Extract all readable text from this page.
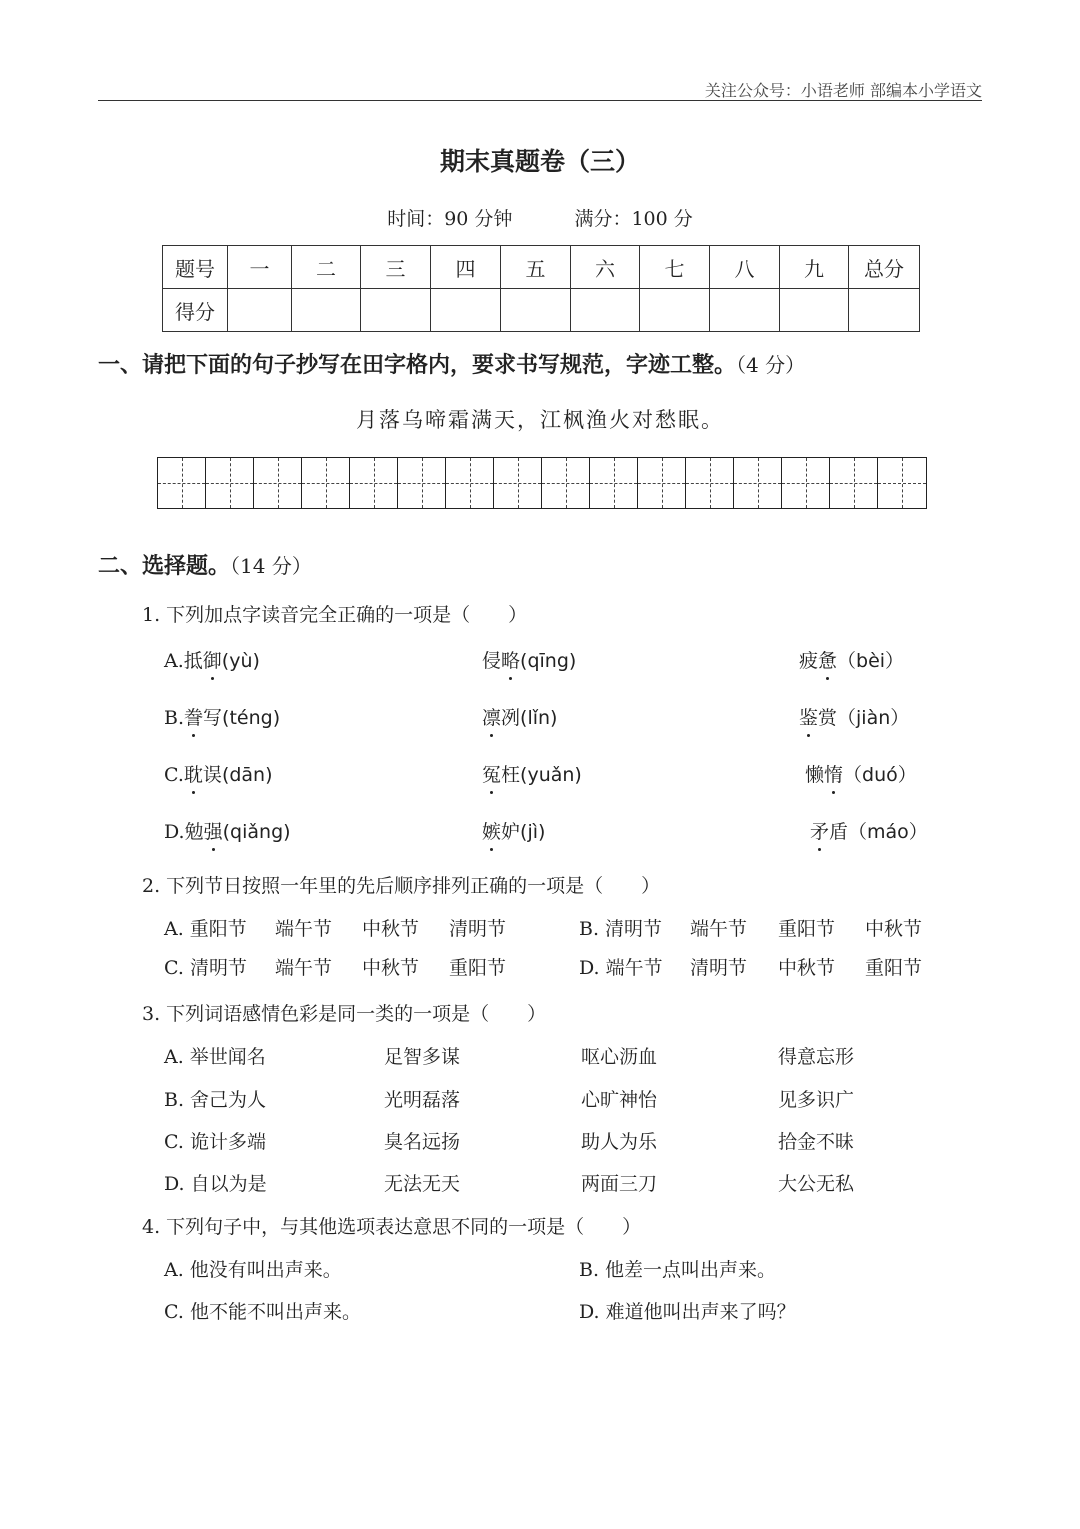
关注公众号：小语老师 部编本小学语文
期末真题卷（三）
时间：90 分钟	满分：100 分
题号	一	二	三	四	五	六	七	八	九	总分
得分										
一、请把下面的句子抄写在田字格内，要求书写规范，字迹工整。（4 分）
月落乌啼霜满天，江枫渔火对愁眠。
二、选择题。（14 分）
1. 下列加点字读音完全正确的一项是（　　）
A.抵御(yù)	侵略(qīng)	疲惫（bèi）
B.誊写(téng)	凛冽(lǐn)	鉴赏（jiàn）
C.耽误(dān)	冤枉(yuǎn)	懒惰（duó）
D.勉强(qiǎng)	嫉妒(jì)	矛盾（máo）
2. 下列节日按照一年里的先后顺序排列正确的一项是（　　）
A. 重阳节 端午节 中秋节 清明节	B. 清明节 端午节 重阳节 中秋节
C. 清明节 端午节 中秋节 重阳节	D. 端午节 清明节 中秋节 重阳节
3. 下列词语感情色彩是同一类的一项是（　　）
A. 举世闻名	足智多谋	呕心沥血	得意忘形
B. 舍己为人	光明磊落	心旷神怡	见多识广
C. 诡计多端	臭名远扬	助人为乐	拾金不昧
D. 自以为是	无法无天	两面三刀	大公无私
4. 下列句子中，与其他选项表达意思不同的一项是（　　）
A. 他没有叫出声来。	B. 他差一点叫出声来。
C. 他不能不叫出声来。	D. 难道他叫出声来了吗？
